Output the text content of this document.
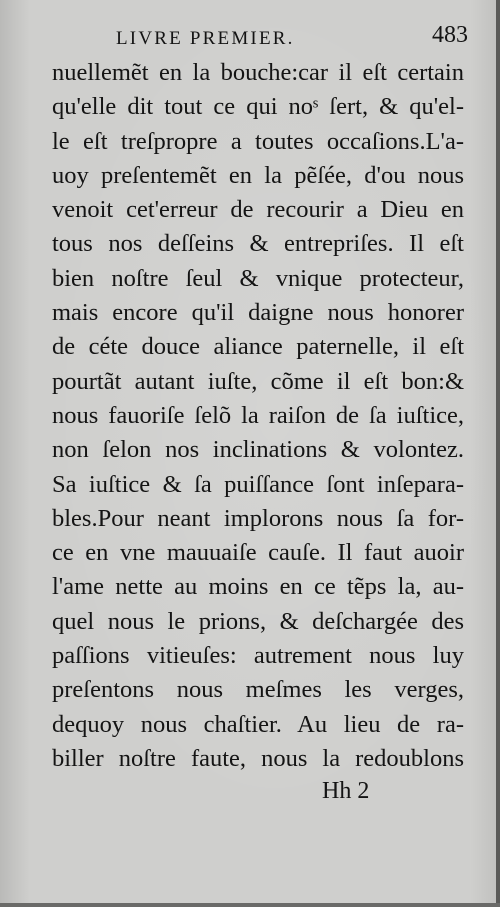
LIVRE PREMIER.	483
nuellemẽt en la bouche:car il eſt certain
qu'elle dit tout ce qui noˢ ſert, & qu'el-
le eſt treſpropre a toutes occaſions.L'a-
uoy preſentemẽt en la pẽſée, d'ou nous
venoit cet'erreur de recourir a Dieu en
tous nos deſſeins & entrepriſes. Il eſt
bien noſtre ſeul & vnique protecteur,
mais encore qu'il daigne nous honorer
de céte douce aliance paternelle, il eſt
pourtãt autant iuſte, cõme il eſt bon:&
nous fauoriſe ſelõ la raiſon de ſa iuſtice,
non ſelon nos inclinations & volontez.
Sa iuſtice & ſa puiſſance ſont inſepara-
bles.Pour neant implorons nous ſa for-
ce en vne mauuaiſe cauſe. Il faut auoir
l'ame nette au moins en ce tẽps la, au-
quel nous le prions, & deſchargée des
paſſions vitieuſes: autrement nous luy
preſentons nous meſmes les verges,
dequoy nous chaſtier. Au lieu de ra-
biller noſtre faute, nous la redoublons
Hh 2
